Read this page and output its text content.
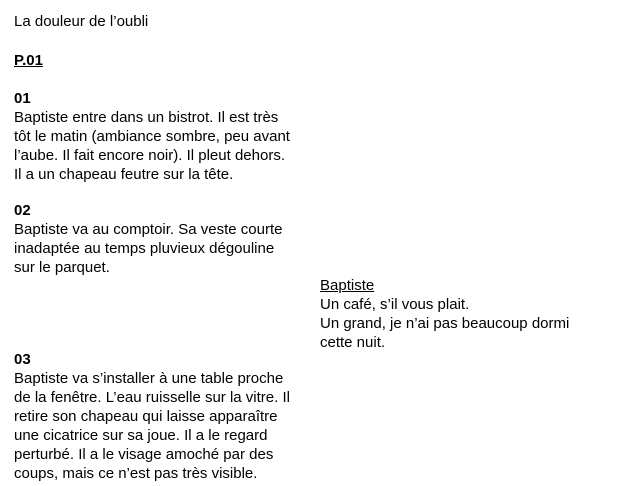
La douleur de l’oubli
P.01
01

Baptiste entre dans un bistrot. Il est très

tôt le matin (ambiance sombre, peu avant

l’aube. Il fait encore noir). Il pleut dehors.

Il a un chapeau feutre sur la tête.

02

Baptiste va au comptoir. Sa veste courte

inadaptée au temps pluvieux dégouline

sur le parquet.

Baptiste

Un café, s’il vous plait.

Un grand, je n’ai pas beaucoup dormi

cette nuit.

03

Baptiste va s’installer à une table proche

de la fenêtre. L’eau ruisselle sur la vitre. Il

retire son chapeau qui laisse apparaître

une cicatrice sur sa joue. Il a le regard

perturbé. Il a le visage amoché par des

coups, mais ce n’est pas très visible.
